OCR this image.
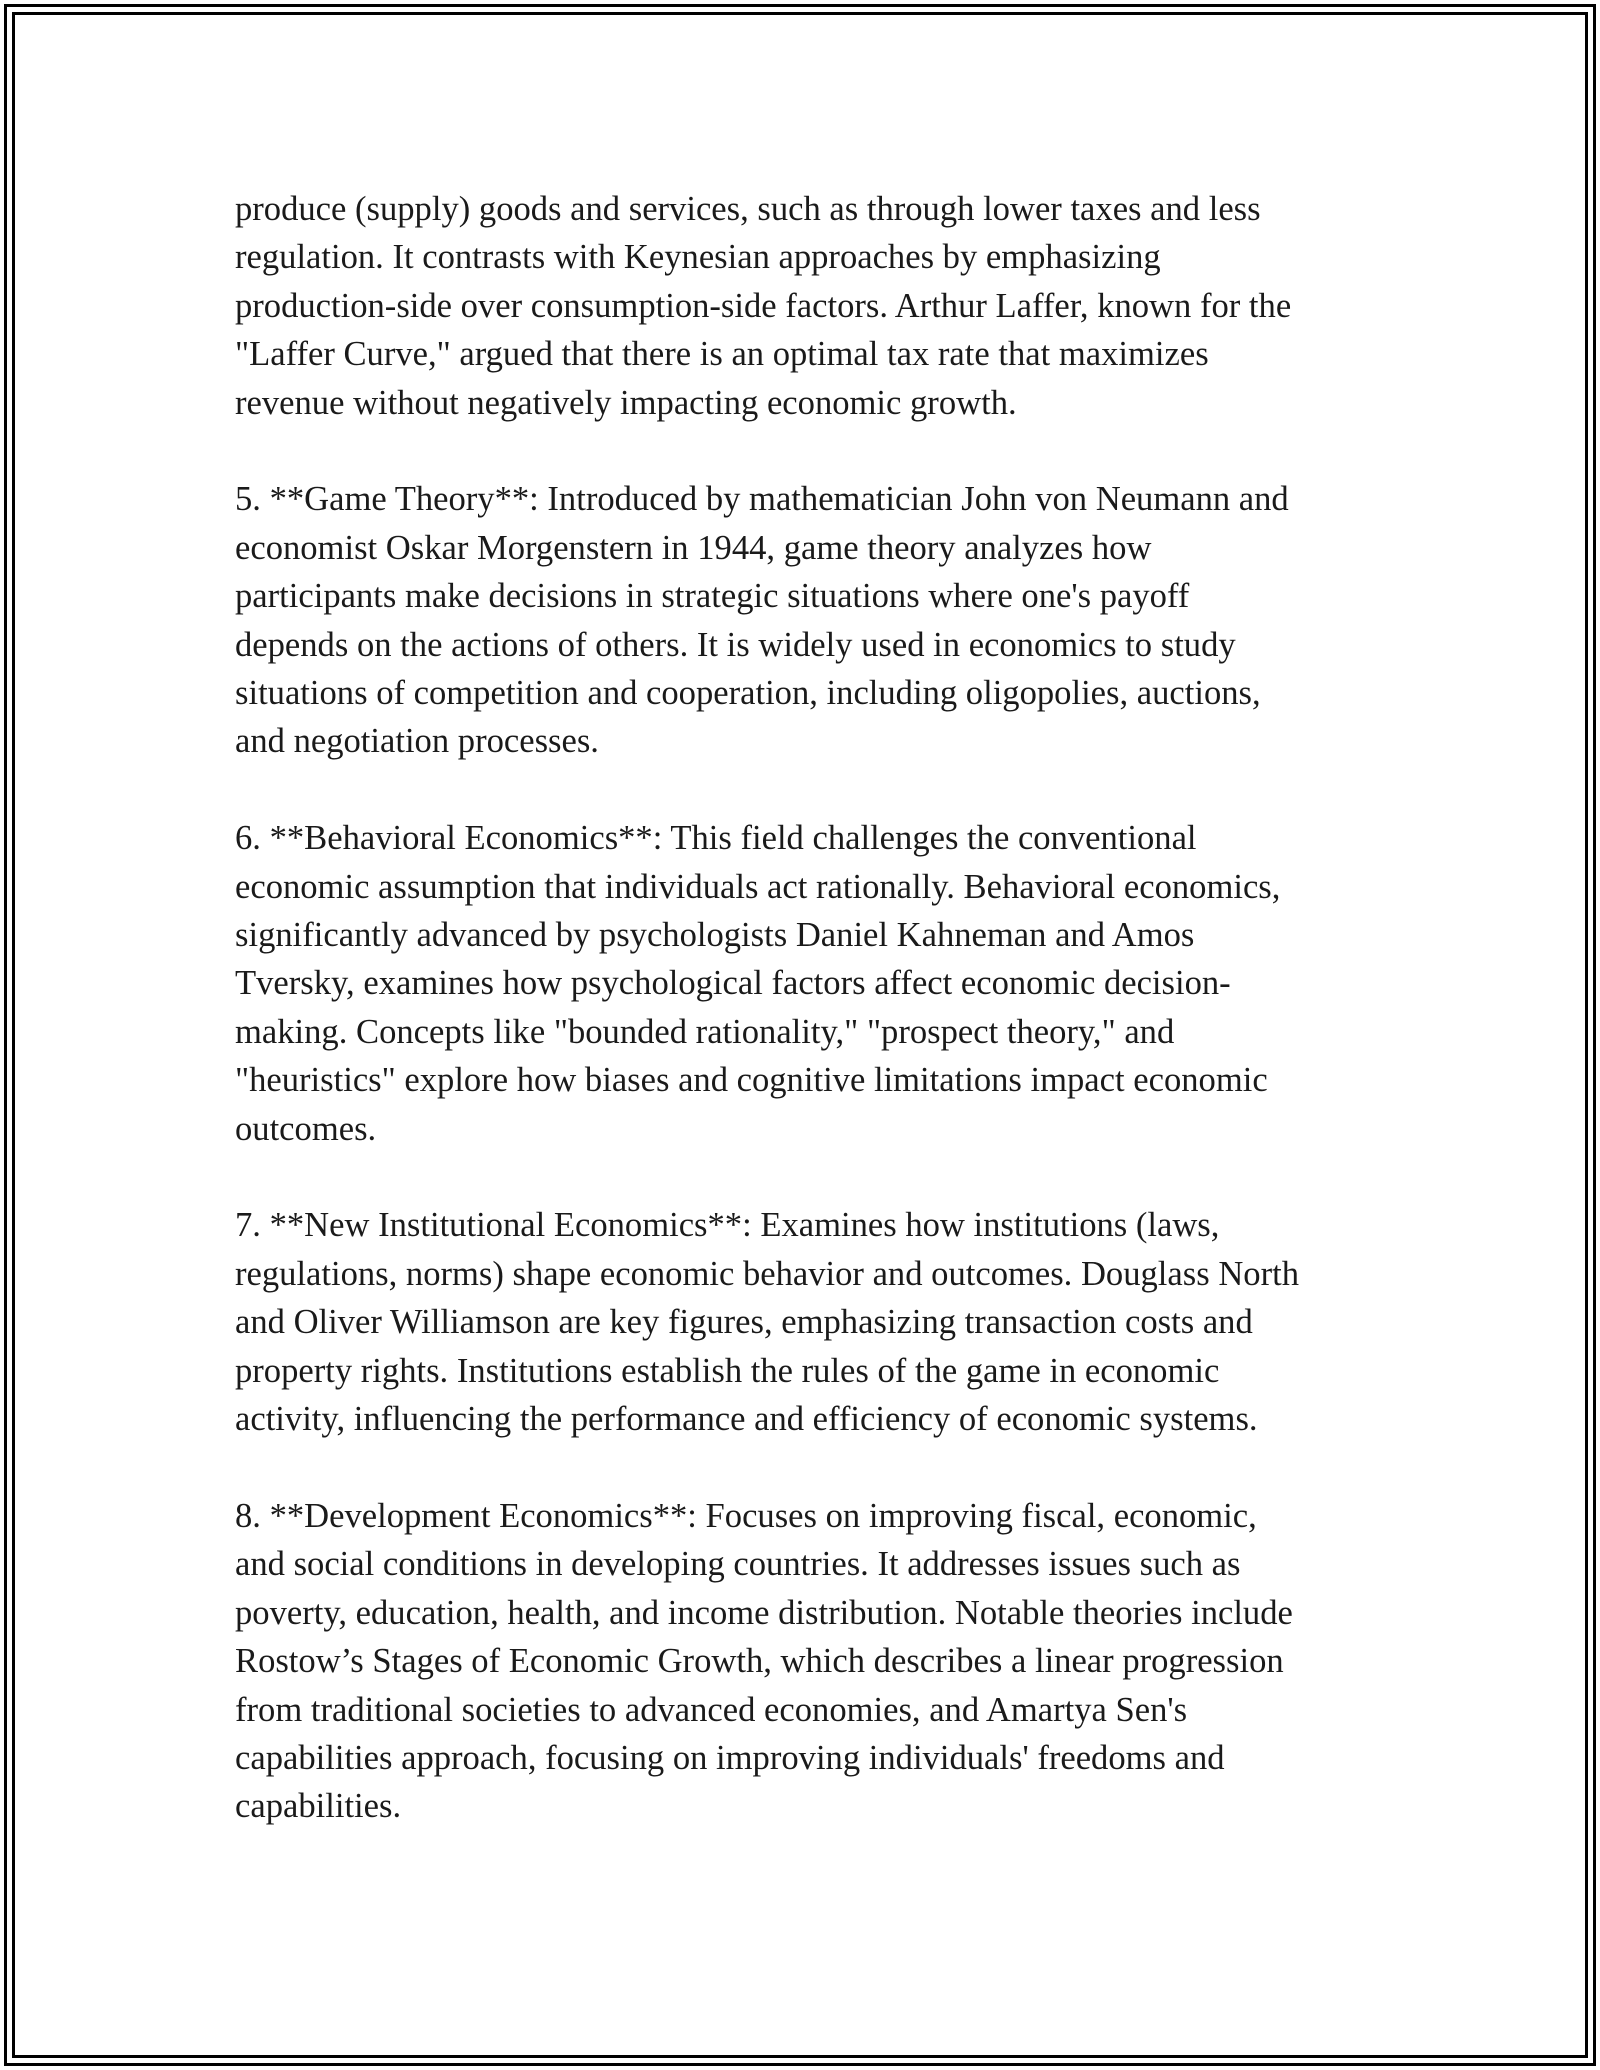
produce (supply) goods and services, such as through lower taxes and less
regulation. It contrasts with Keynesian approaches by emphasizing
production-side over consumption-side factors. Arthur Laffer, known for the
"Laffer Curve," argued that there is an optimal tax rate that maximizes
revenue without negatively impacting economic growth.

5. **Game Theory**: Introduced by mathematician John von Neumann and
economist Oskar Morgenstern in 1944, game theory analyzes how
participants make decisions in strategic situations where one's payoff
depends on the actions of others. It is widely used in economics to study
situations of competition and cooperation, including oligopolies, auctions,
and negotiation processes.

6. **Behavioral Economics**: This field challenges the conventional
economic assumption that individuals act rationally. Behavioral economics,
significantly advanced by psychologists Daniel Kahneman and Amos
Tversky, examines how psychological factors affect economic decision-
making. Concepts like "bounded rationality," "prospect theory," and
"heuristics" explore how biases and cognitive limitations impact economic
outcomes.

7. **New Institutional Economics**: Examines how institutions (laws,
regulations, norms) shape economic behavior and outcomes. Douglass North
and Oliver Williamson are key figures, emphasizing transaction costs and
property rights. Institutions establish the rules of the game in economic
activity, influencing the performance and efficiency of economic systems.

8. **Development Economics**: Focuses on improving fiscal, economic,
and social conditions in developing countries. It addresses issues such as
poverty, education, health, and income distribution. Notable theories include
Rostow’s Stages of Economic Growth, which describes a linear progression
from traditional societies to advanced economies, and Amartya Sen's
capabilities approach, focusing on improving individuals' freedoms and
capabilities.
